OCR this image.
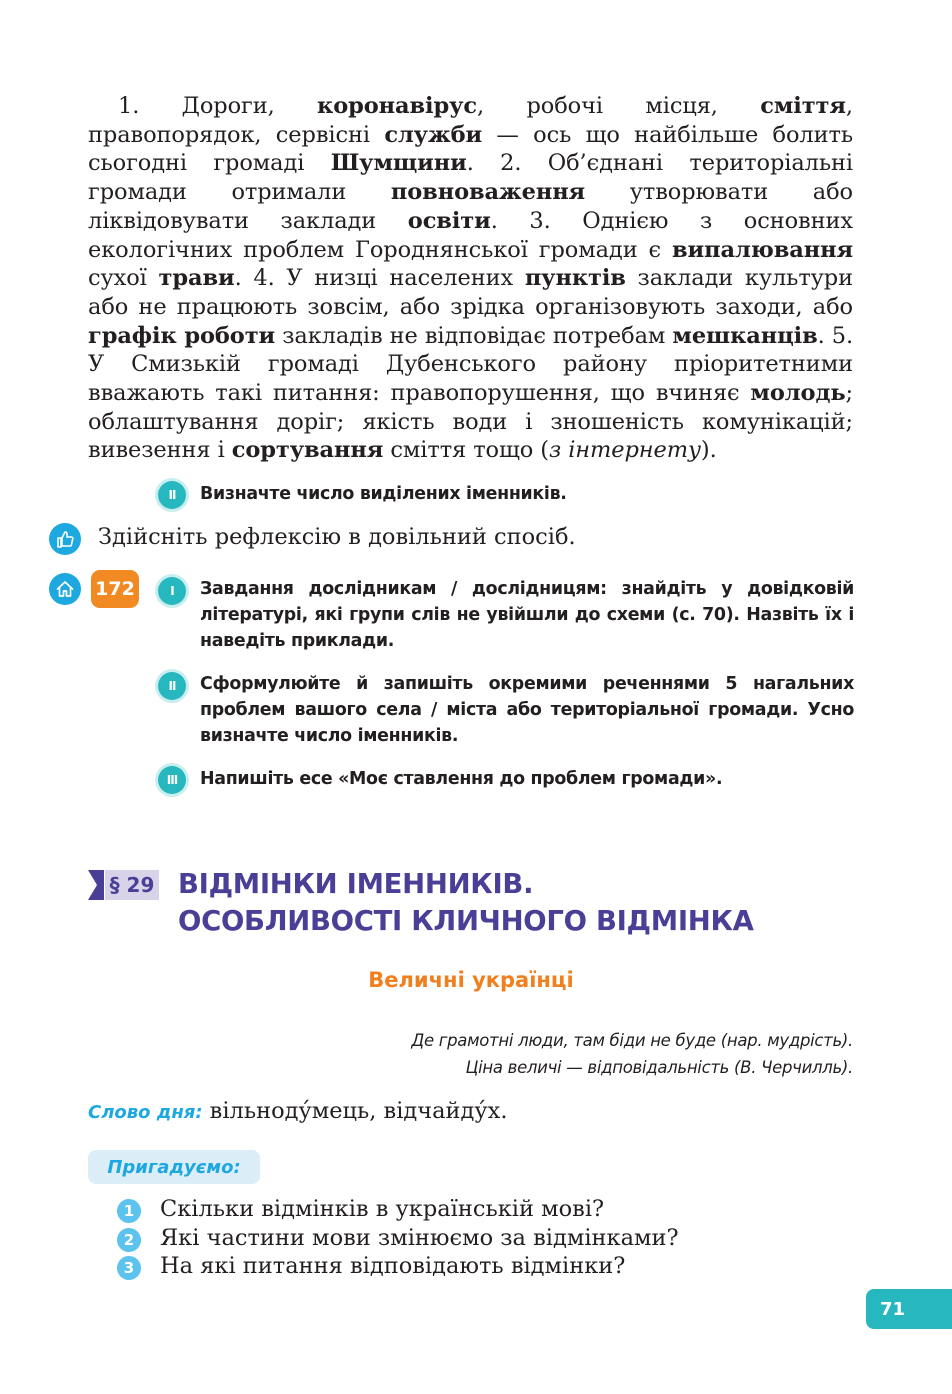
1. Дороги, коронавірус, робочі місця, сміття, правопорядок, сервісні служби — ось що найбільше болить сьогодні громаді Шумщини. 2. Об’єднані територіальні громади отримали повноваження утворювати або ліквідовувати заклади освіти. 3. Однією з основних екологічних проблем Городнянської громади є випалювання сухої трави. 4. У низці населених пунктів заклади культури або не працюють зовсім, або зрідка організовують заходи, або графік роботи закладів не відповідає потребам мешканців. 5. У Смизькій громаді Дубенського району пріоритетними вважають такі питання: правопорушення, що вчиняє молодь; облаштування доріг; якість води і зношеність комунікацій; вивезення і сортування сміття тощо (з інтернету).

II	Визначте число виділених іменників.

Здійсніть рефлексію в довільний спосіб.

172	I	Завдання дослідникам / дослідницям: знайдіть у довідковій літературі, які групи слів не увійшли до схеми (с. 70). Назвіть їх і наведіть приклади.

II	Сформулюйте й запишіть окремими реченнями 5 нагальних проблем вашого села / міста або територіальної громади. Усно визначте число іменників.

III	Напишіть есе «Моє ставлення до проблем громади».

§ 29 ВІДМІНКИ ІМЕННИКІВ.
ОСОБЛИВОСТІ КЛИЧНОГО ВІДМІНКА

Величні українці

Де грамотні люди, там біди не буде (нар. мудрість).

Ціна величі — відповідальність (В. Черчилль).

Слово дня: вільноду́мець, відчайду́х.

Пригадуємо:
1	Скільки відмінків в українській мові?

2	Які частини мови змінюємо за відмінками?

3	На які питання відповідають відмінки?

71
